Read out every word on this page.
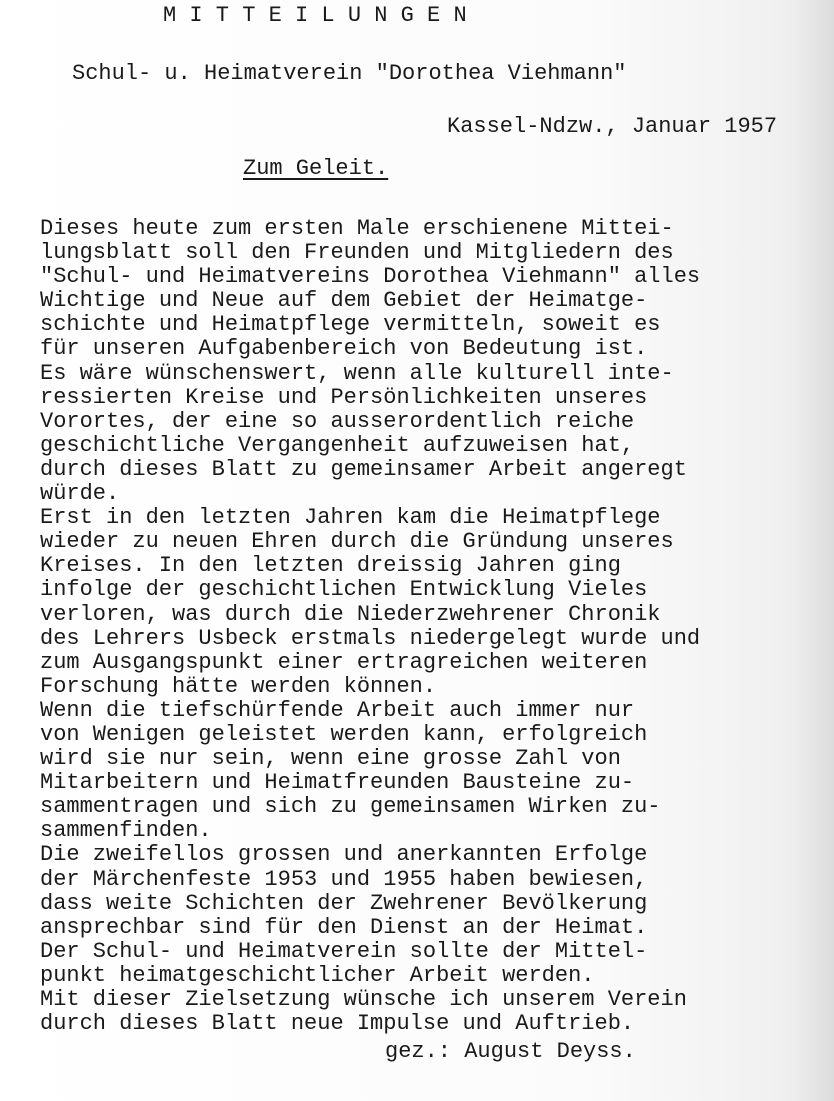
M I T T E I L U N G E N
Schul- u. Heimatverein "Dorothea Viehmann"
Kassel-Ndzw., Januar 1957
Zum Geleit.
Dieses heute zum ersten Male erschienene Mittei-
lungsblatt soll den Freunden und Mitgliedern des
"Schul- und Heimatvereins Dorothea Viehmann" alles
Wichtige und Neue auf dem Gebiet der Heimatge-
schichte und Heimatpflege vermitteln, soweit es
für unseren Aufgabenbereich von Bedeutung ist.
Es wäre wünschenswert, wenn alle kulturell inte-
ressierten Kreise und Persönlichkeiten unseres
Vorortes, der eine so ausserordentlich reiche
geschichtliche Vergangenheit aufzuweisen hat,
durch dieses Blatt zu gemeinsamer Arbeit angeregt
würde.
Erst in den letzten Jahren kam die Heimatpflege
wieder zu neuen Ehren durch die Gründung unseres
Kreises. In den letzten dreissig Jahren ging
infolge der geschichtlichen Entwicklung Vieles
verloren, was durch die Niederzwehrener Chronik
des Lehrers Usbeck erstmals niedergelegt wurde und
zum Ausgangspunkt einer ertragreichen weiteren
Forschung hätte werden können.
Wenn die tiefschürfende Arbeit auch immer nur
von Wenigen geleistet werden kann, erfolgreich
wird sie nur sein, wenn eine grosse Zahl von
Mitarbeitern und Heimatfreunden Bausteine zu-
sammentragen und sich zu gemeinsamen Wirken zu-
sammenfinden.
Die zweifellos grossen und anerkannten Erfolge
der Märchenfeste 1953 und 1955 haben bewiesen,
dass weite Schichten der Zwehrener Bevölkerung
ansprechbar sind für den Dienst an der Heimat.
Der Schul- und Heimatverein sollte der Mittel-
punkt heimatgeschichtlicher Arbeit werden.
Mit dieser Zielsetzung wünsche ich unserem Verein
durch dieses Blatt neue Impulse und Auftrieb.
gez.: August Deyss.
